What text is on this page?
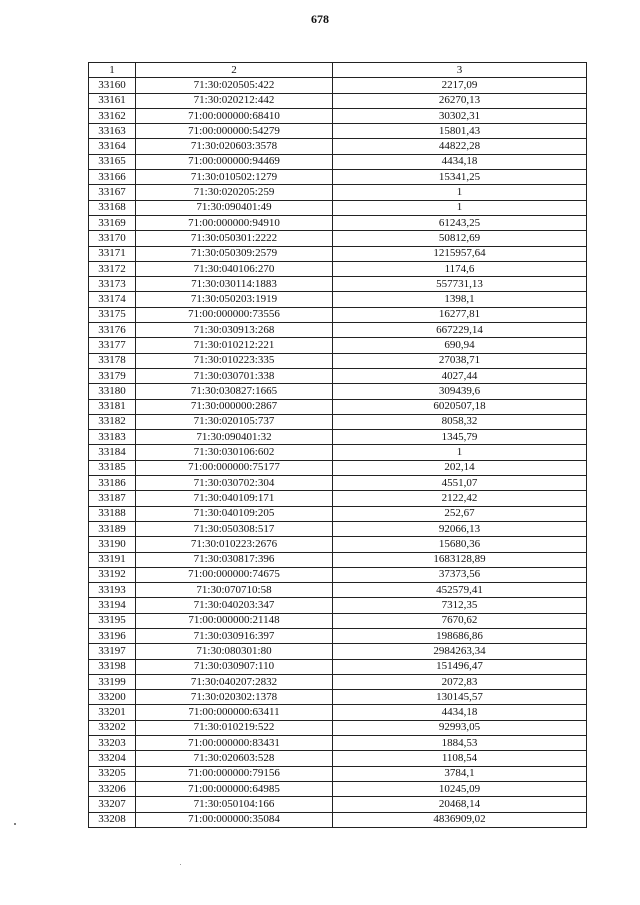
678
1	2	3
33160	71:30:020505:422	2217,09
33161	71:30:020212:442	26270,13
33162	71:00:000000:68410	30302,31
33163	71:00:000000:54279	15801,43
33164	71:30:020603:3578	44822,28
33165	71:00:000000:94469	4434,18
33166	71:30:010502:1279	15341,25
33167	71:30:020205:259	1
33168	71:30:090401:49	1
33169	71:00:000000:94910	61243,25
33170	71:30:050301:2222	50812,69
33171	71:30:050309:2579	1215957,64
33172	71:30:040106:270	1174,6
33173	71:30:030114:1883	557731,13
33174	71:30:050203:1919	1398,1
33175	71:00:000000:73556	16277,81
33176	71:30:030913:268	667229,14
33177	71:30:010212:221	690,94
33178	71:30:010223:335	27038,71
33179	71:30:030701:338	4027,44
33180	71:30:030827:1665	309439,6
33181	71:30:000000:2867	6020507,18
33182	71:30:020105:737	8058,32
33183	71:30:090401:32	1345,79
33184	71:30:030106:602	1
33185	71:00:000000:75177	202,14
33186	71:30:030702:304	4551,07
33187	71:30:040109:171	2122,42
33188	71:30:040109:205	252,67
33189	71:30:050308:517	92066,13
33190	71:30:010223:2676	15680,36
33191	71:30:030817:396	1683128,89
33192	71:00:000000:74675	37373,56
33193	71:30:070710:58	452579,41
33194	71:30:040203:347	7312,35
33195	71:00:000000:21148	7670,62
33196	71:30:030916:397	198686,86
33197	71:30:080301:80	2984263,34
33198	71:30:030907:110	151496,47
33199	71:30:040207:2832	2072,83
33200	71:30:020302:1378	130145,57
33201	71:00:000000:63411	4434,18
33202	71:30:010219:522	92993,05
33203	71:00:000000:83431	1884,53
33204	71:30:020603:528	1108,54
33205	71:00:000000:79156	3784,1
33206	71:00:000000:64985	10245,09
33207	71:30:050104:166	20468,14
33208	71:00:000000:35084	4836909,02
